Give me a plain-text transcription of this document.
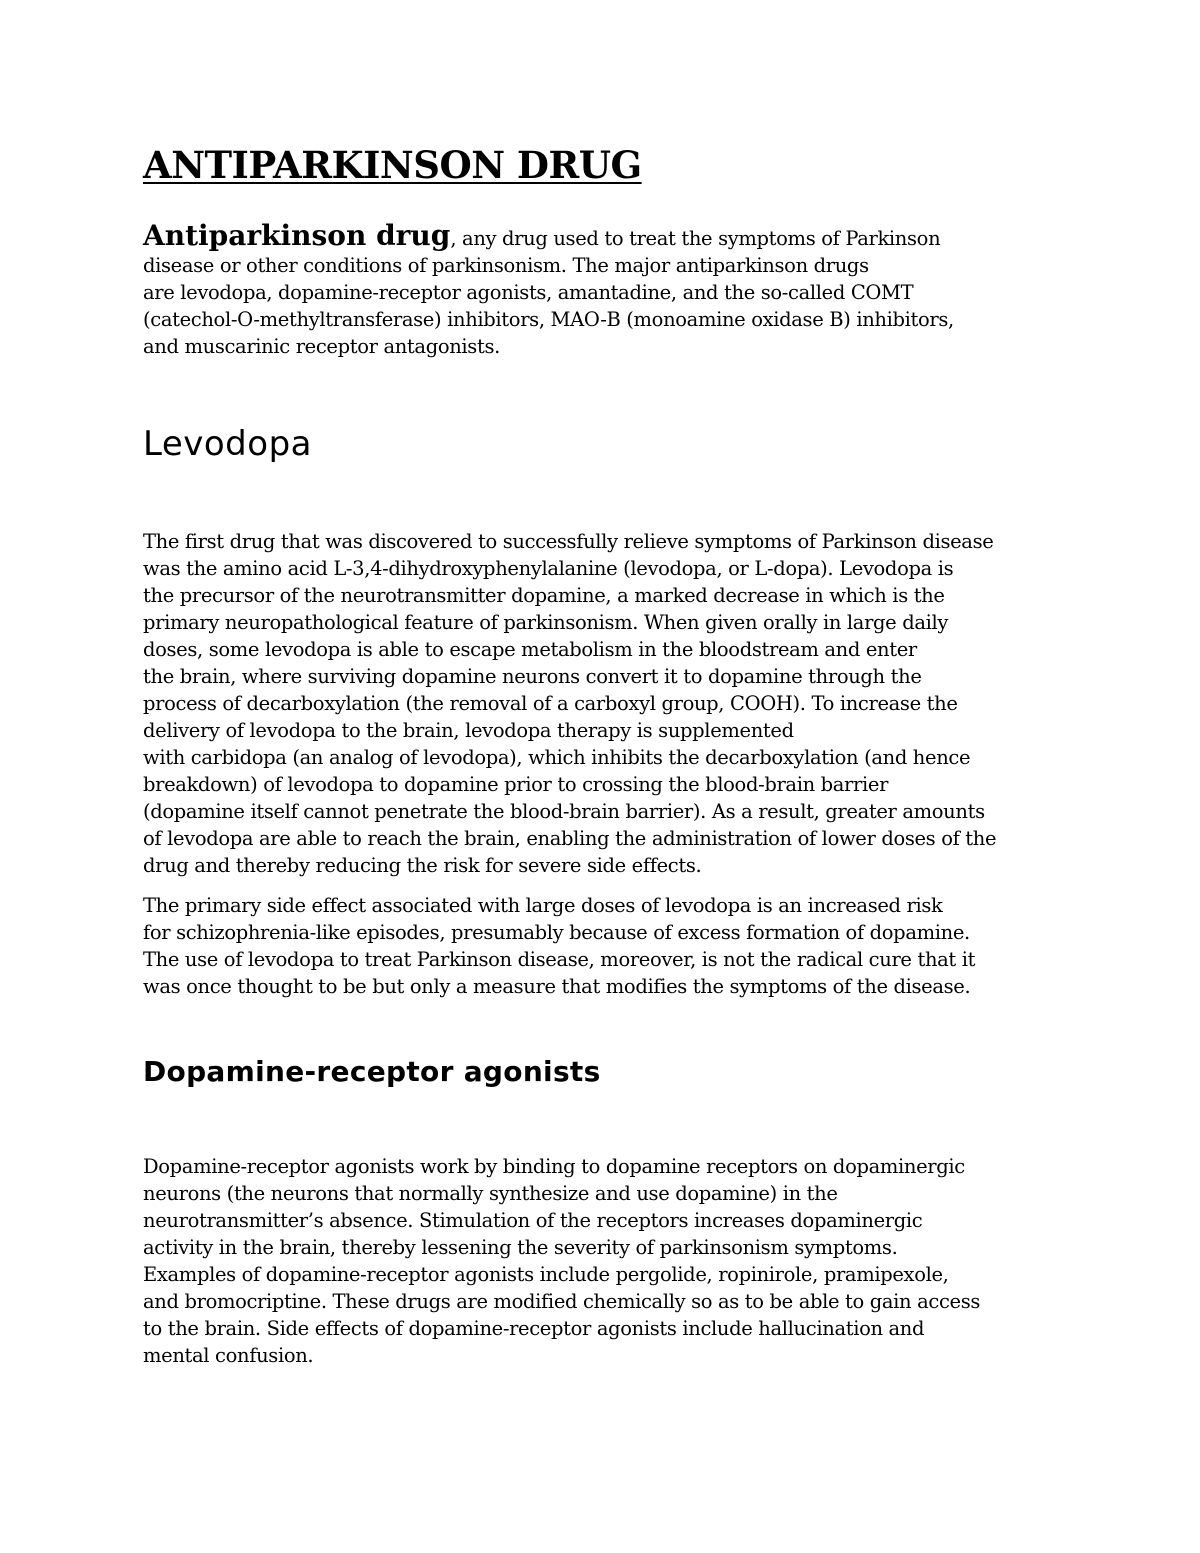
ANTIPARKINSON DRUG

Antiparkinson drug, any drug used to treat the symptoms of Parkinson
disease or other conditions of parkinsonism. The major antiparkinson drugs
are levodopa, dopamine-receptor agonists, amantadine, and the so-called COMT
(catechol-O-methyltransferase) inhibitors, MAO-B (monoamine oxidase B) inhibitors,
and muscarinic receptor antagonists.

Levodopa

The first drug that was discovered to successfully relieve symptoms of Parkinson disease
was the amino acid L-3,4-dihydroxyphenylalanine (levodopa, or L-dopa). Levodopa is
the precursor of the neurotransmitter dopamine, a marked decrease in which is the
primary neuropathological feature of parkinsonism. When given orally in large daily
doses, some levodopa is able to escape metabolism in the bloodstream and enter
the brain, where surviving dopamine neurons convert it to dopamine through the
process of decarboxylation (the removal of a carboxyl group, COOH). To increase the
delivery of levodopa to the brain, levodopa therapy is supplemented
with carbidopa (an analog of levodopa), which inhibits the decarboxylation (and hence
breakdown) of levodopa to dopamine prior to crossing the blood-brain barrier
(dopamine itself cannot penetrate the blood-brain barrier). As a result, greater amounts
of levodopa are able to reach the brain, enabling the administration of lower doses of the
drug and thereby reducing the risk for severe side effects.

The primary side effect associated with large doses of levodopa is an increased risk
for schizophrenia-like episodes, presumably because of excess formation of dopamine.
The use of levodopa to treat Parkinson disease, moreover, is not the radical cure that it
was once thought to be but only a measure that modifies the symptoms of the disease.

Dopamine-receptor agonists

Dopamine-receptor agonists work by binding to dopamine receptors on dopaminergic
neurons (the neurons that normally synthesize and use dopamine) in the
neurotransmitter’s absence. Stimulation of the receptors increases dopaminergic
activity in the brain, thereby lessening the severity of parkinsonism symptoms.
Examples of dopamine-receptor agonists include pergolide, ropinirole, pramipexole,
and bromocriptine. These drugs are modified chemically so as to be able to gain access
to the brain. Side effects of dopamine-receptor agonists include hallucination and
mental confusion.
